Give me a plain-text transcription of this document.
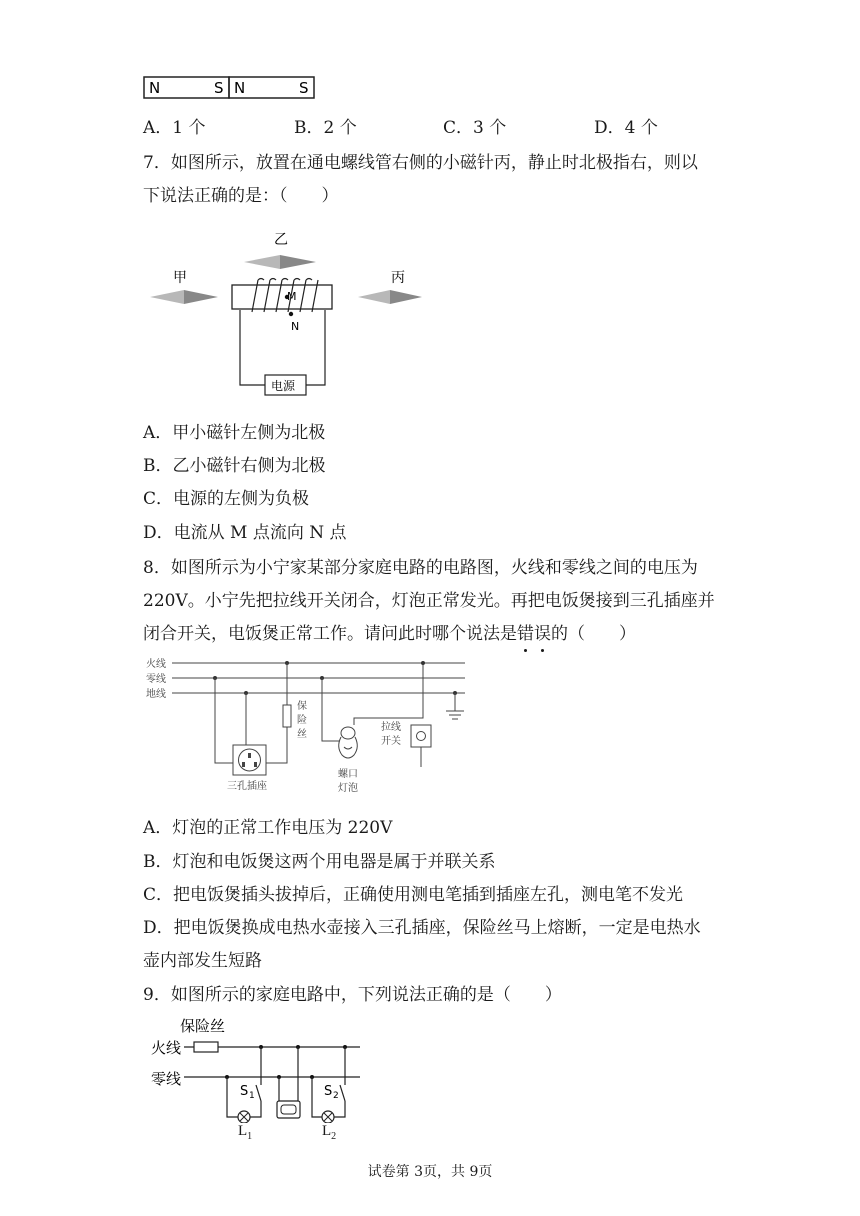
N	S N	S
A．1 个	B．2 个	C．3 个	D．4 个
7．如图所示，放置在通电螺线管右侧的小磁针丙，静止时北极指右，则以
下说法正确的是：（　　）
乙
甲	丙
M
N
电源
A．甲小磁针左侧为北极
B．乙小磁针右侧为北极
C．电源的左侧为负极
D．电流从 M 点流向 N 点
8．如图所示为小宁家某部分家庭电路的电路图，火线和零线之间的电压为
220V。小宁先把拉线开关闭合，灯泡正常发光。再把电饭煲接到三孔插座并
闭合开关，电饭煲正常工作。请问此时哪个说法是错误的（　　）
火线
零线
地线
保
险
丝
三孔插座
螺口
灯泡
拉线
开关
A．灯泡的正常工作电压为 220V
B．灯泡和电饭煲这两个用电器是属于并联关系
C．把电饭煲插头拔掉后，正确使用测电笔插到插座左孔，测电笔不发光
D．把电饭煲换成电热水壶接入三孔插座，保险丝马上熔断，一定是电热水
壶内部发生短路
9．如图所示的家庭电路中，下列说法正确的是（　　）
保险丝
火线
零线
S 1	S 2
$L_1$	$L_2$
试卷第 3页，共 9页
